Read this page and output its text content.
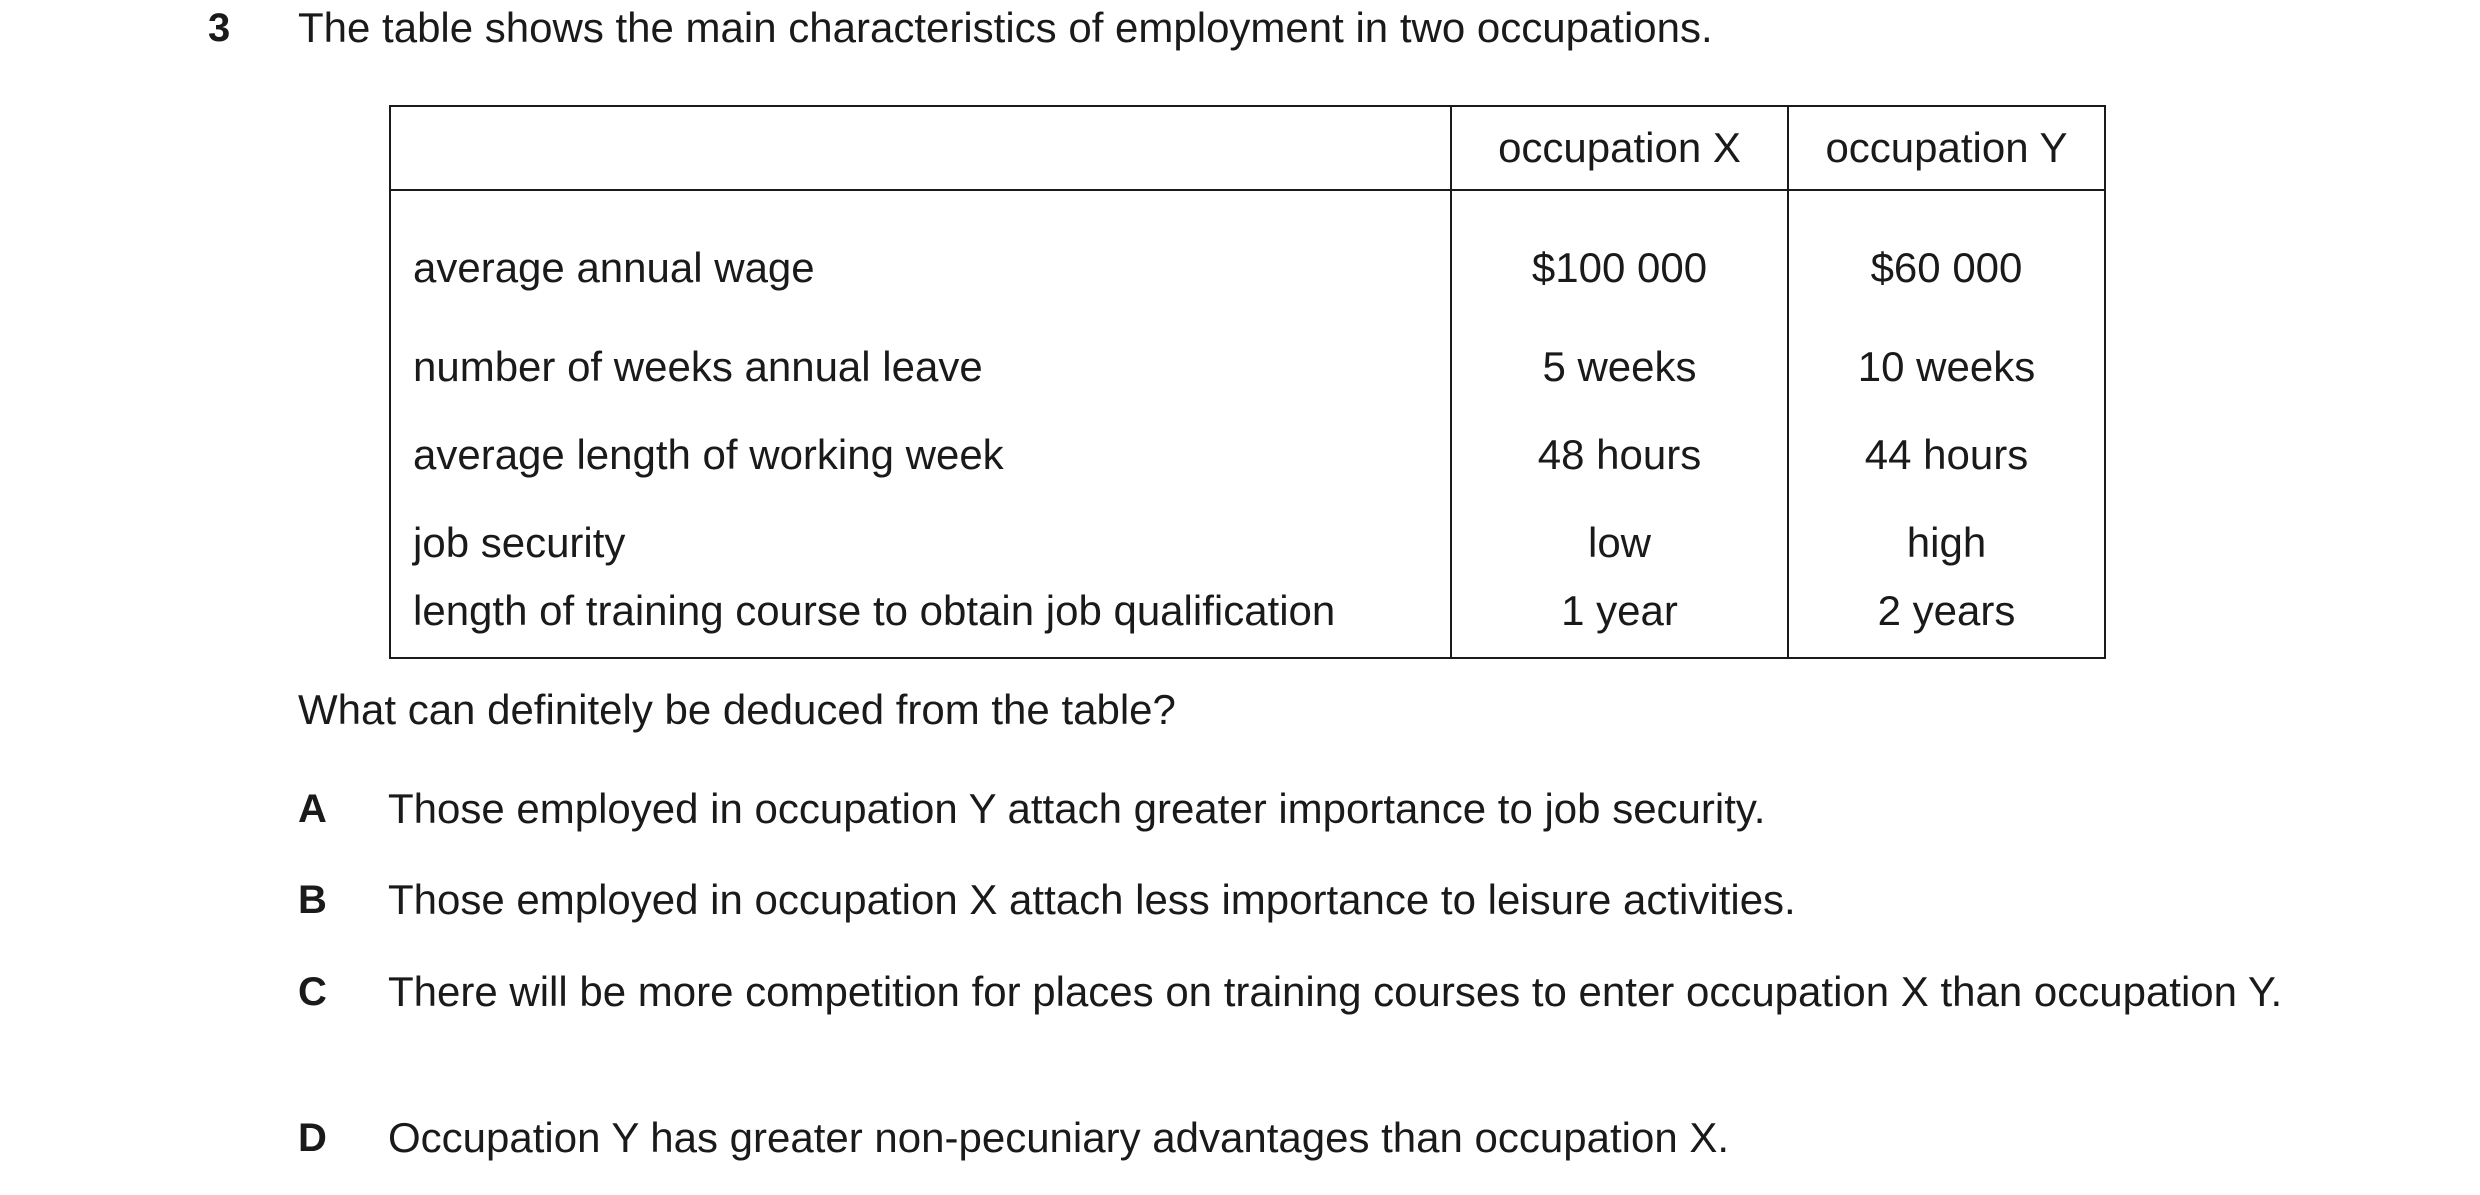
3 The table shows the main characteristics of employment in two occupations.
	occupation X	occupation Y
average annual wage	$100 000	$60 000
number of weeks annual leave	5 weeks	10 weeks
average length of working week	48 hours	44 hours
job security	low	high
length of training course to obtain job qualification	1 year	2 years
What can definitely be deduced from the table?
A Those employed in occupation Y attach greater importance to job security.
B Those employed in occupation X attach less importance to leisure activities.
C There will be more competition for places on training courses to enter occupation X than occupation Y.
D Occupation Y has greater non-pecuniary advantages than occupation X.
